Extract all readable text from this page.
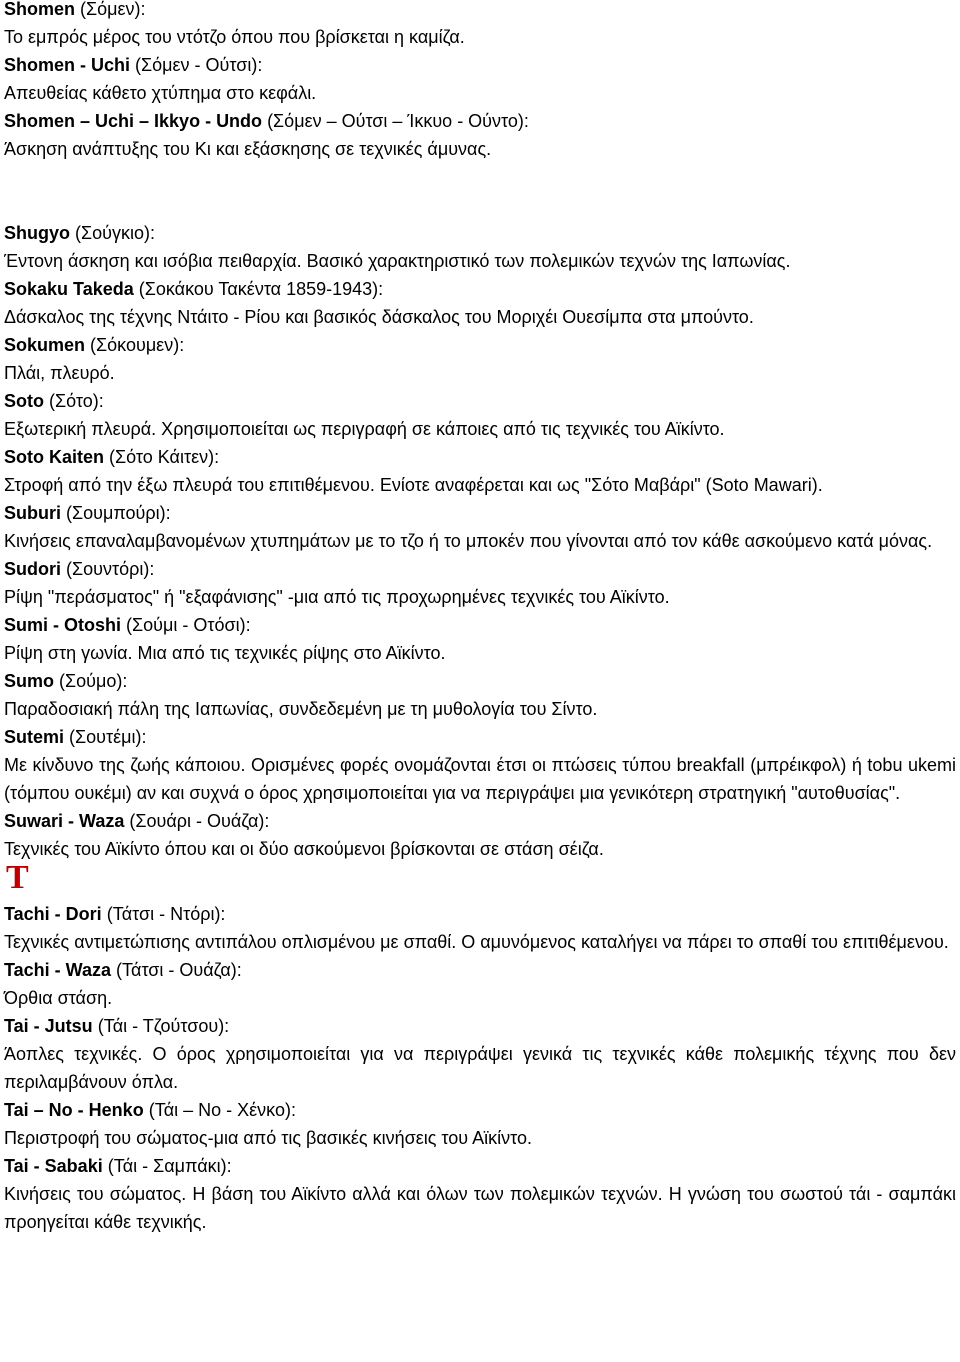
Shomen (Σόμεν):

Το εμπρός μέρος του ντότζο όπου που βρίσκεται η καμίζα.

Shomen - Uchi (Σόμεν - Ούτσι):

Απευθείας κάθετο χτύπημα στο κεφάλι.

Shomen – Uchi – Ikkyo - Undo (Σόμεν – Ούτσι – Ίκκυο - Ούντο):

Άσκηση ανάπτυξης του Κι και εξάσκησης σε τεχνικές άμυνας.

Shugyo (Σούγκιο):

Έντονη άσκηση και ισόβια πειθαρχία. Βασικό χαρακτηριστικό των πολεμικών τεχνών της Ιαπωνίας.

Sokaku Takeda (Σοκάκου Τακέντα 1859-1943):

Δάσκαλος της τέχνης Ντάιτο - Ρίου και βασικός δάσκαλος του Μοριχέι Ουεσίμπα στα μπούντο.

Sokumen (Σόκουμεν):

Πλάι, πλευρό.

Soto (Σότο):

Εξωτερική πλευρά. Χρησιμοποιείται ως περιγραφή σε κάποιες από τις τεχνικές του Αϊκίντο.

Soto Kaiten (Σότο Κάιτεν):

Στροφή από την έξω πλευρά του επιτιθέμενου. Ενίοτε αναφέρεται και ως "Σότο Μαβάρι" (Soto Mawari).

Suburi (Σουμπούρι):

Κινήσεις επαναλαμβανομένων χτυπημάτων με το τζο ή το μποκέν που γίνονται από τον κάθε ασκούμενο κατά μόνας.

Sudori (Σουντόρι):

Ρίψη "περάσματος" ή "εξαφάνισης" -μια από τις προχωρημένες τεχνικές του Αϊκίντο.

Sumi - Otoshi (Σούμι - Οτόσι):

Ρίψη στη γωνία. Μια από τις τεχνικές ρίψης στο Αϊκίντο.

Sumo (Σούμο):

Παραδοσιακή πάλη της Ιαπωνίας, συνδεδεμένη με τη μυθολογία του Σίντο.

Sutemi (Σουτέμι):

Με κίνδυνο της ζωής κάποιου. Ορισμένες φορές ονομάζονται έτσι οι πτώσεις τύπου breakfall (μπρέικφολ) ή tobu ukemi (τόμπου ουκέμι) αν και συχνά ο όρος χρησιμοποιείται για να περιγράψει μια γενικότερη στρατηγική "αυτοθυσίας".

Suwari - Waza (Σουάρι - Ουάζα):

Τεχνικές του Αϊκίντο όπου και οι δύο ασκούμενοι βρίσκονται σε στάση σέιζα.

T

Tachi - Dori (Τάτσι - Ντόρι):

Τεχνικές αντιμετώπισης αντιπάλου οπλισμένου με σπαθί. Ο αμυνόμενος καταλήγει να πάρει το σπαθί του επιτιθέμενου.

Tachi - Waza (Τάτσι - Ουάζα):

Όρθια στάση.

Tai - Jutsu (Τάι - Τζούτσου):

Άοπλες τεχνικές. Ο όρος χρησιμοποιείται για να περιγράψει γενικά τις τεχνικές κάθε πολεμικής τέχνης που δεν περιλαμβάνουν όπλα.

Tai – No - Henko (Τάι – Νο - Χένκο):

Περιστροφή του σώματος-μια από τις βασικές κινήσεις του Αϊκίντο.

Tai - Sabaki (Τάι - Σαμπάκι):

Κινήσεις του σώματος. Η βάση του Αϊκίντο αλλά και όλων των πολεμικών τεχνών. Η γνώση του σωστού τάι - σαμπάκι προηγείται κάθε τεχνικής.
